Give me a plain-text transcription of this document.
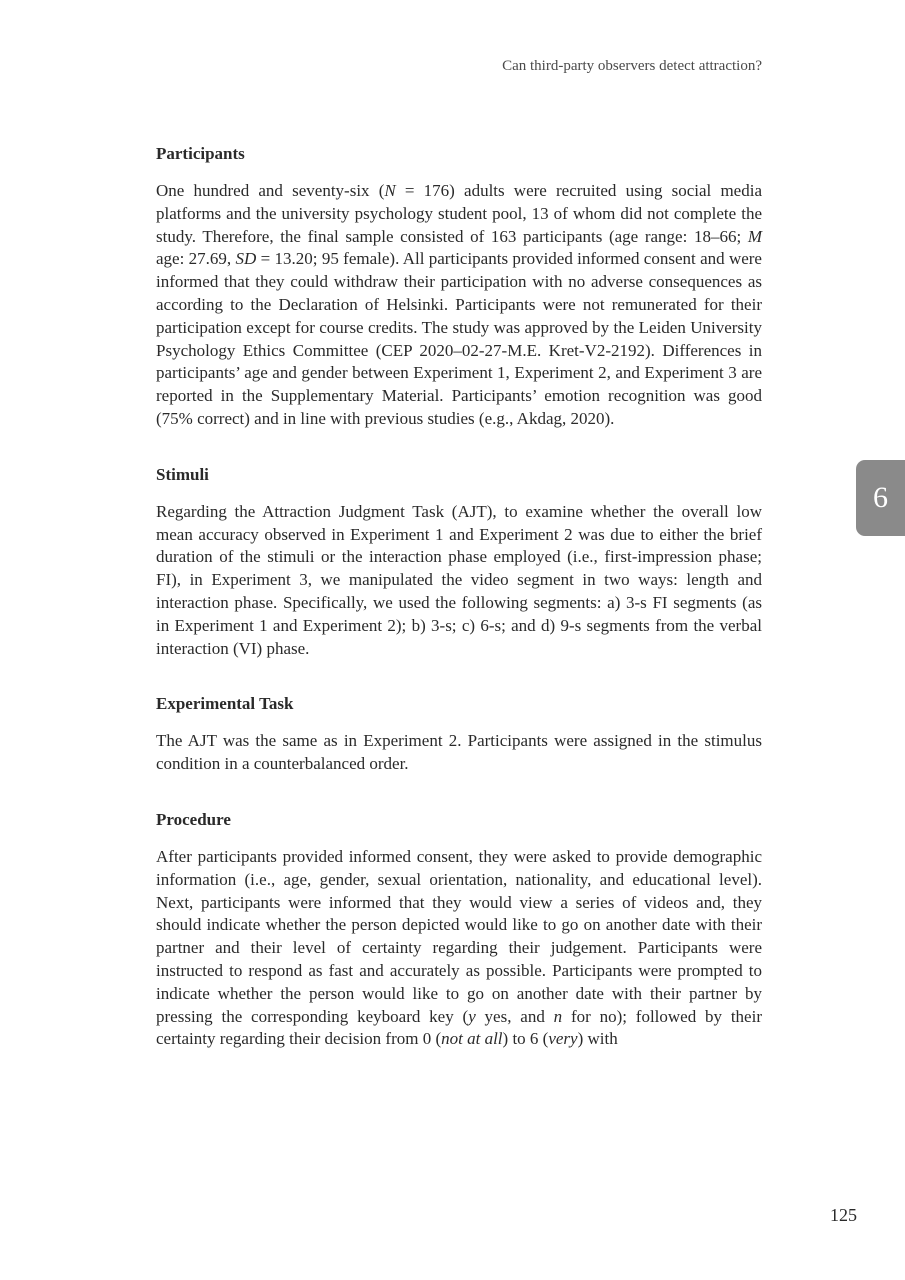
Can third-party observers detect attraction?
6
Participants

One hundred and seventy-six (N = 176) adults were recruited using social media platforms and the university psychology student pool, 13 of whom did not complete the study. Therefore, the final sample consisted of 163 participants (age range: 18–66; M age: 27.69, SD = 13.20; 95 female). All participants provided informed consent and were informed that they could withdraw their participation with no adverse consequences as according to the Declaration of Helsinki. Participants were not remunerated for their participation except for course credits. The study was approved by the Leiden University Psychology Ethics Committee (CEP 2020–02-27-M.E. Kret-V2-2192). Differences in participants’ age and gender between Experiment 1, Experiment 2, and Experiment 3 are reported in the Supplementary Material. Participants’ emotion recognition was good (75% correct) and in line with previous studies (e.g., Akdag, 2020).

Stimuli

Regarding the Attraction Judgment Task (AJT), to examine whether the overall low mean accuracy observed in Experiment 1 and Experiment 2 was due to either the brief duration of the stimuli or the interaction phase employed (i.e., first-impression phase; FI), in Experiment 3, we manipulated the video segment in two ways: length and interaction phase. Specifically, we used the following segments: a) 3-s FI segments (as in Experiment 1 and Experiment 2); b) 3-s; c) 6-s; and d) 9-s segments from the verbal interaction (VI) phase.

Experimental Task

The AJT was the same as in Experiment 2. Participants were assigned in the stimulus condition in a counterbalanced order.

Procedure

After participants provided informed consent, they were asked to provide demographic information (i.e., age, gender, sexual orientation, nationality, and educational level). Next, participants were informed that they would view a series of videos and, they should indicate whether the person depicted would like to go on another date with their partner and their level of certainty regarding their judgement. Participants were instructed to respond as fast and accurately as possible. Participants were prompted to indicate whether the person would like to go on another date with their partner by pressing the corresponding keyboard key (y yes, and n for no); followed by their certainty regarding their decision from 0 (not at all) to 6 (very) with

125
